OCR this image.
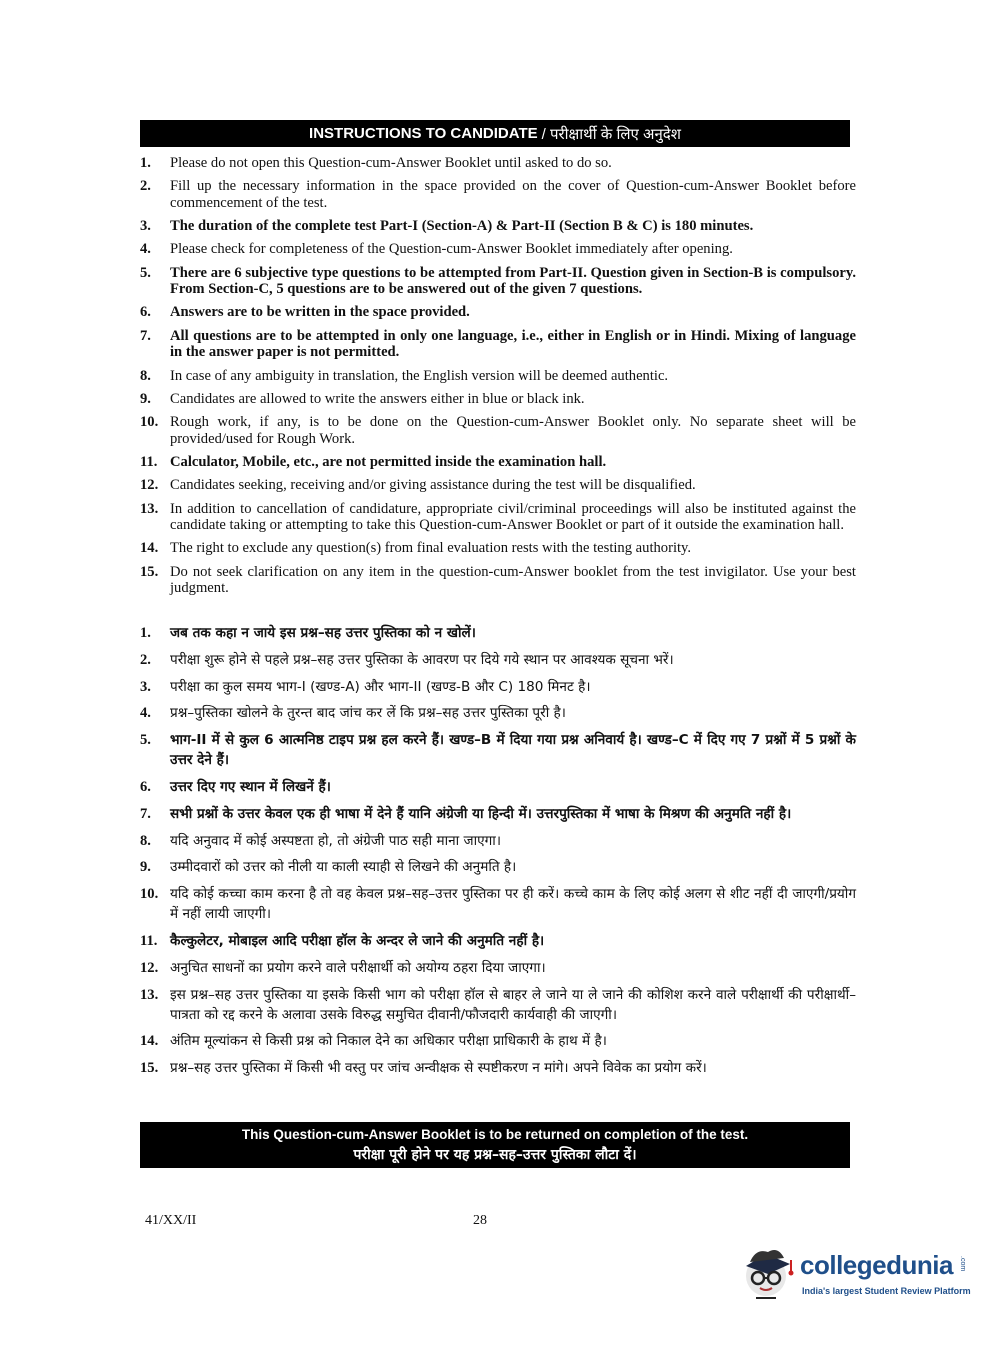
INSTRUCTIONS TO CANDIDATE / परीक्षार्थी के लिए अनुदेश
1.	Please do not open this Question-cum-Answer Booklet until asked to do so.
2.	Fill up the necessary information in the space provided on the cover of Question-cum-Answer Booklet before commencement of the test.
3.	The duration of the complete test Part-I (Section-A) & Part-II (Section B & C) is 180 minutes.
4.	Please check for completeness of the Question-cum-Answer Booklet immediately after opening.
5.	There are 6 subjective type questions to be attempted from Part-II. Question given in Section-B is compulsory. From Section-C, 5 questions are to be answered out of the given 7 questions.
6.	Answers are to be written in the space provided.
7.	All questions are to be attempted in only one language, i.e., either in English or in Hindi. Mixing of language in the answer paper is not permitted.
8.	In case of any ambiguity in translation, the English version will be deemed authentic.
9.	Candidates are allowed to write the answers either in blue or black ink.
10. Rough work, if any, is to be done on the Question-cum-Answer Booklet only. No separate sheet will be provided/used for Rough Work.
11. Calculator, Mobile, etc., are not permitted inside the examination hall.
12. Candidates seeking, receiving and/or giving assistance during the test will be disqualified.
13. In addition to cancellation of candidature, appropriate civil/criminal proceedings will also be instituted against the candidate taking or attempting to take this Question-cum-Answer Booklet or part of it outside the examination hall.
14. The right to exclude any question(s) from final evaluation rests with the testing authority.
15. Do not seek clarification on any item in the question-cum-Answer booklet from the test invigilator. Use your best judgment.
1.	जब तक कहा न जाये इस प्रश्न–सह उत्तर पुस्तिका को न खोलें।
2.	परीक्षा शुरू होने से पहले प्रश्न–सह उत्तर पुस्तिका के आवरण पर दिये गये स्थान पर आवश्यक सूचना भरें।
3.	परीक्षा का कुल समय भाग-I (खण्ड-A) और भाग-II (खण्ड-B और C) 180 मिनट है।
4.	प्रश्न–पुस्तिका खोलने के तुरन्त बाद जांच कर लें कि प्रश्न–सह उत्तर पुस्तिका पूरी है।
5.	भाग-II में से कुल 6 आत्मनिष्ठ टाइप प्रश्न हल करने हैं। खण्ड–B में दिया गया प्रश्न अनिवार्य है। खण्ड–C में दिए गए 7 प्रश्नों में 5 प्रश्नों के उत्तर देने हैं।
6.	उत्तर दिए गए स्थान में लिखनें हैं।
7.	सभी प्रश्नों के उत्तर केवल एक ही भाषा में देने हैं यानि अंग्रेजी या हिन्दी में। उत्तरपुस्तिका में भाषा के मिश्रण की अनुमति नहीं है।
8.	यदि अनुवाद में कोई अस्पष्टता हो, तो अंग्रेजी पाठ सही माना जाएगा।
9.	उम्मीदवारों को उत्तर को नीली या काली स्याही से लिखने की अनुमति है।
10. यदि कोई कच्चा काम करना है तो वह केवल प्रश्न–सह–उत्तर पुस्तिका पर ही करें। कच्चे काम के लिए कोई अलग से शीट नहीं दी जाएगी/प्रयोग में नहीं लायी जाएगी।
11. कैल्कुलेटर, मोबाइल आदि परीक्षा हॉल के अन्दर ले जाने की अनुमति नहीं है।
12. अनुचित साधनों का प्रयोग करने वाले परीक्षार्थी को अयोग्य ठहरा दिया जाएगा।
13. इस प्रश्न–सह उत्तर पुस्तिका या इसके किसी भाग को परीक्षा हॉल से बाहर ले जाने या ले जाने की कोशिश करने वाले परीक्षार्थी की परीक्षार्थी–पात्रता को रद्द करने के अलावा उसके विरुद्ध समुचित दीवानी/फौजदारी कार्यवाही की जाएगी।
14. अंतिम मूल्यांकन से किसी प्रश्न को निकाल देने का अधिकार परीक्षा प्राधिकारी के हाथ में है।
15. प्रश्न–सह उत्तर पुस्तिका में किसी भी वस्तु पर जांच अन्वीक्षक से स्पष्टीकरण न मांगे। अपने विवेक का प्रयोग करें।
This Question-cum-Answer Booklet is to be returned on completion of the test.
परीक्षा पूरी होने पर यह प्रश्न–सह–उत्तर पुस्तिका लौटा दें।
41/XX/II	28
collegedunia .com
India's largest Student Review Platform
